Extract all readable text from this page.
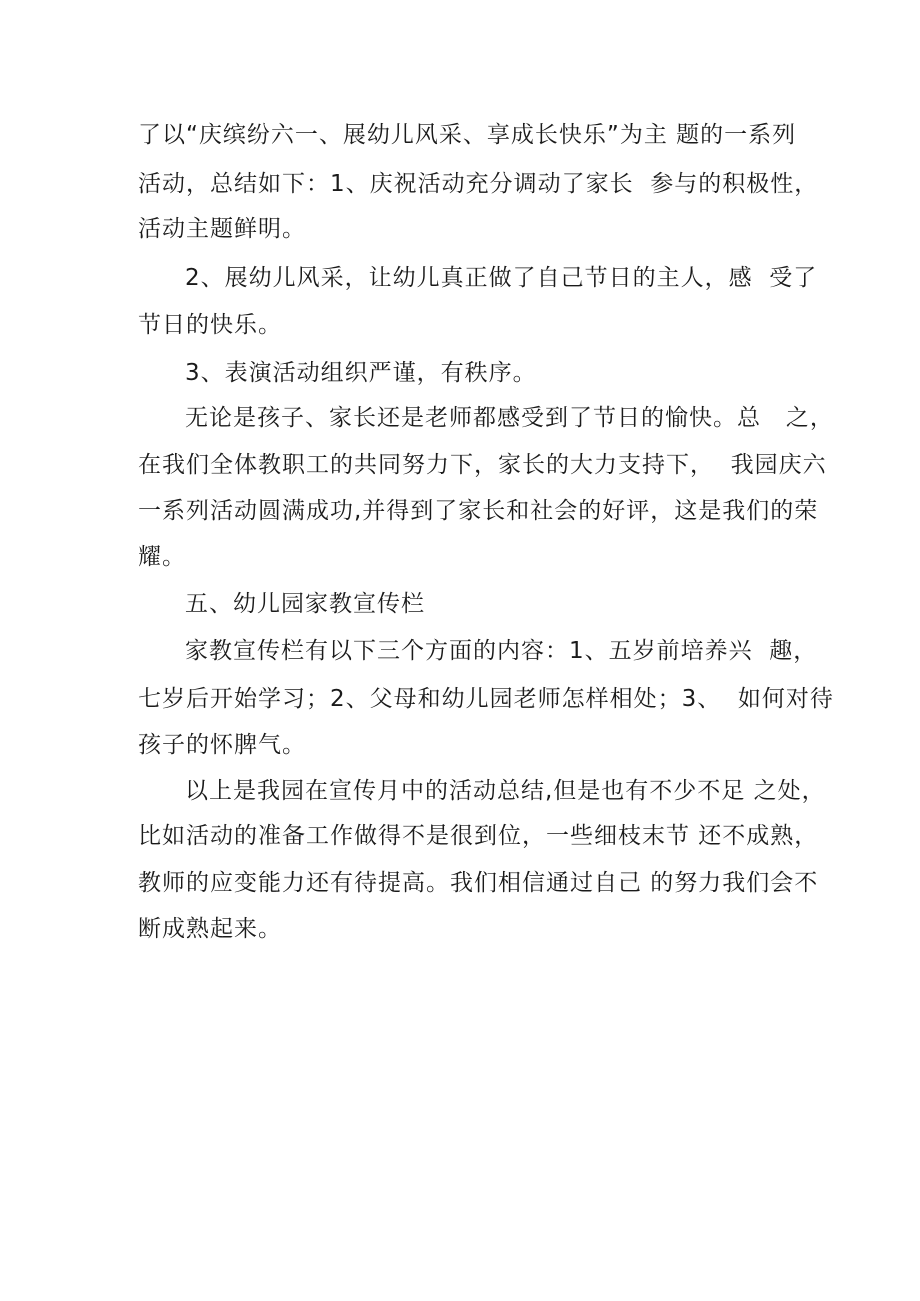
了以“庆缤纷六一、展幼儿风采、享成长快乐”为主 题的一系列
活动，总结如下：1、庆祝活动充分调动了家长  参与的积极性，
活动主题鲜明。
2、展幼儿风采，让幼儿真正做了自己节日的主人，感  受了
节日的快乐。
3、表演活动组织严谨，有秩序。
无论是孩子、家长还是老师都感受到了节日的愉快。总   之，
在我们全体教职工的共同努力下，家长的大力支持下，  我园庆六
一系列活动圆满成功,并得到了家长和社会的好评，这是我们的荣
耀。
五、幼儿园家教宣传栏
家教宣传栏有以下三个方面的内容：1、五岁前培养兴  趣，
七岁后开始学习；2、父母和幼儿园老师怎样相处；3、  如何对待
孩子的怀脾气。
以上是我园在宣传月中的活动总结,但是也有不少不足 之处，
比如活动的准备工作做得不是很到位，一些细枝末节 还不成熟，
教师的应变能力还有待提高。我们相信通过自己 的努力我们会不
断成熟起来。
